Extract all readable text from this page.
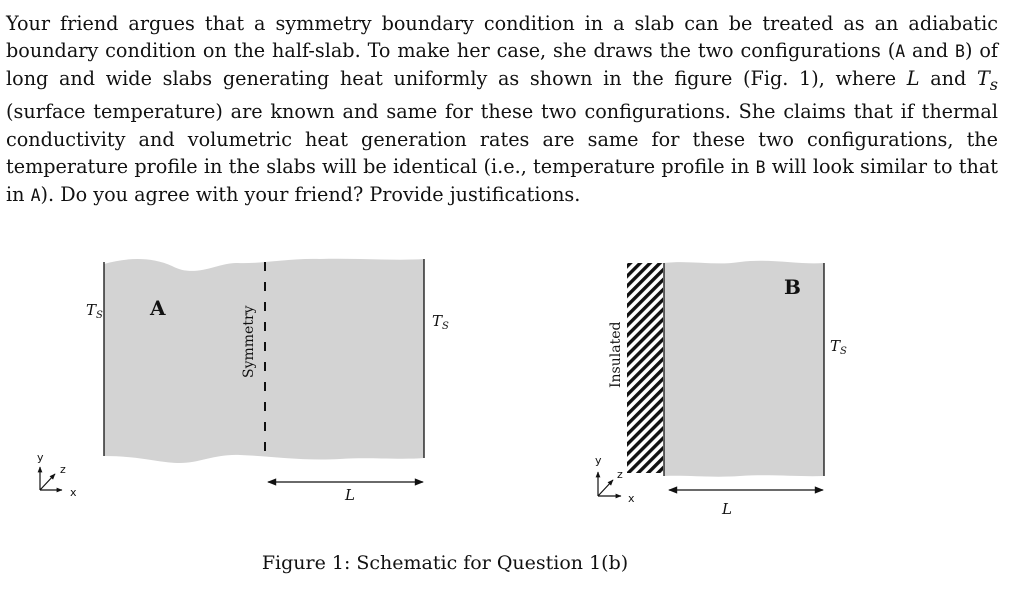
Your friend argues that a symmetry boundary condition in a slab can be treated as an adiabatic boundary condition on the half-slab. To make her case, she draws the two configurations (A and B) of long and wide slabs generating heat uniformly as shown in the figure (Fig. 1), where L and $T_s$ (surface temperature) are known and same for these two configurations. She claims that if thermal conductivity and volumetric heat generation rates are same for these two configurations, the temperature profile in the slabs will be identical (i.e., temperature profile in B will look similar to that in A). Do you agree with your friend? Provide justifications.
A
$T_S$	$T_S$
Symmetry
L
y
z
x
B
$T_S$
Insulated
L
y
z
x
Figure 1: Schematic for Question 1(b)
